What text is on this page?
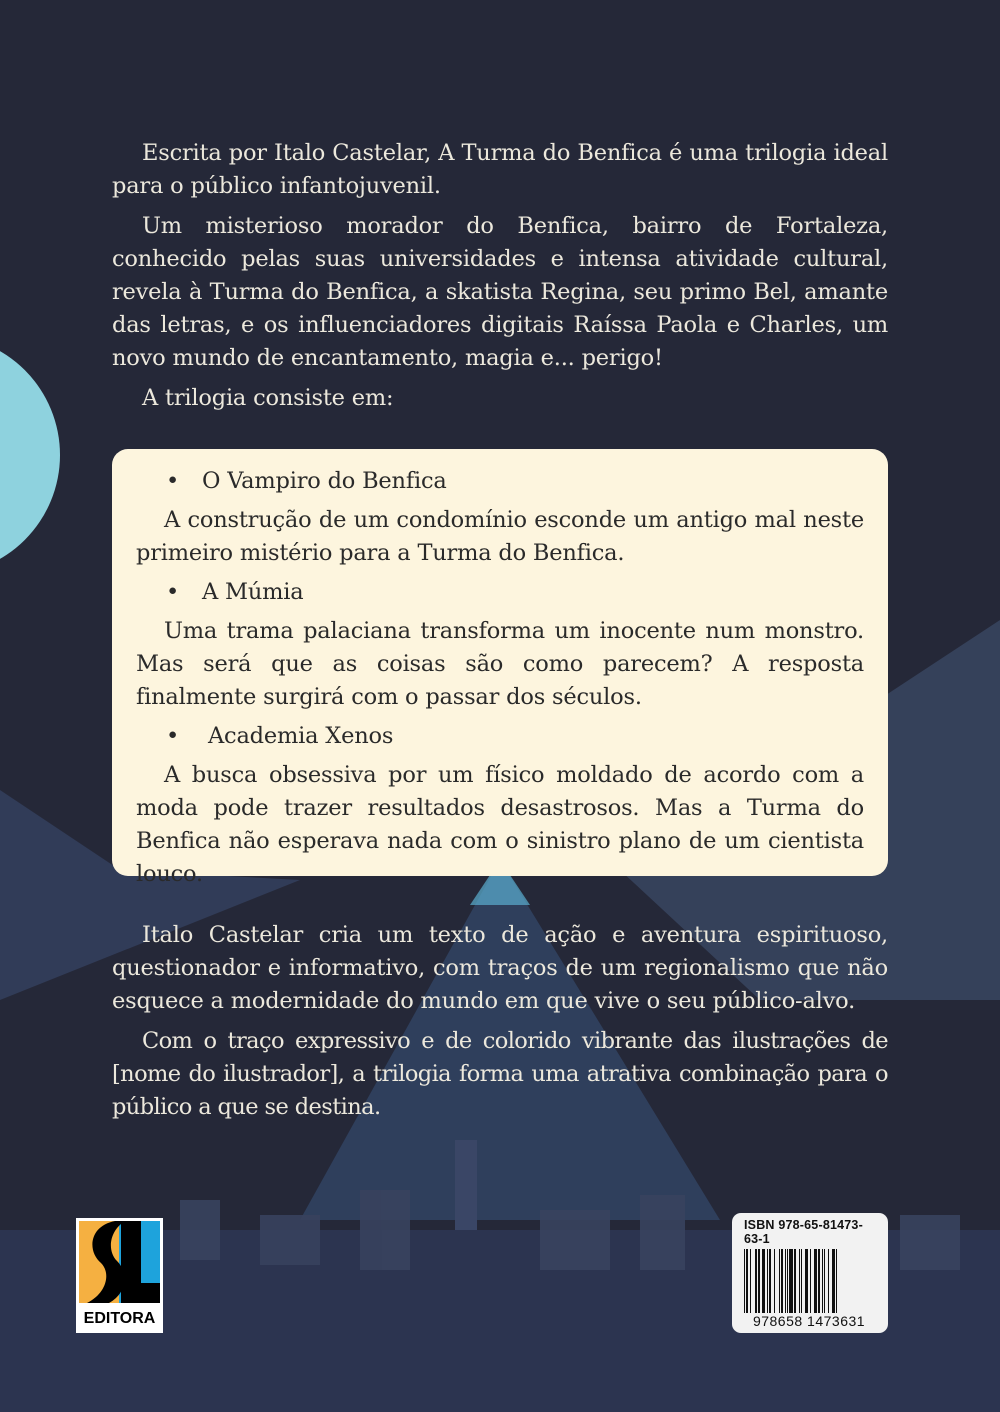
Escrita por Italo Castelar, A Turma do Benfica é uma trilogia ideal para o público infantojuvenil.

Um misterioso morador do Benfica, bairro de Fortaleza, conhecido pelas suas universidades e intensa atividade cultural, revela à Turma do Benfica, a skatista Regina, seu primo Bel, amante das letras, e os influenciadores digitais Raíssa Paola e Charles, um novo mundo de encantamento, magia e... perigo!

A trilogia consiste em:

• O Vampiro do Benfica

A construção de um condomínio esconde um antigo mal neste primeiro mistério para a Turma do Benfica.

• A Múmia

Uma trama palaciana transforma um inocente num monstro. Mas será que as coisas são como parecem? A resposta finalmente surgirá com o passar dos séculos.

• Academia Xenos

A busca obsessiva por um físico moldado de acordo com a moda pode trazer resultados desastrosos. Mas a Turma do Benfica não esperava nada com o sinistro plano de um cientista louco.

Italo Castelar cria um texto de ação e aventura espirituoso, questionador e informativo, com traços de um regionalismo que não esquece a modernidade do mundo em que vive o seu público-alvo.

Com o traço expressivo e de colorido vibrante das ilustrações de [nome do ilustrador], a trilogia forma uma atrativa combinação para o público a que se destina.

EDITORA
ISBN 978-65-81473-63-1
978658 1473631
